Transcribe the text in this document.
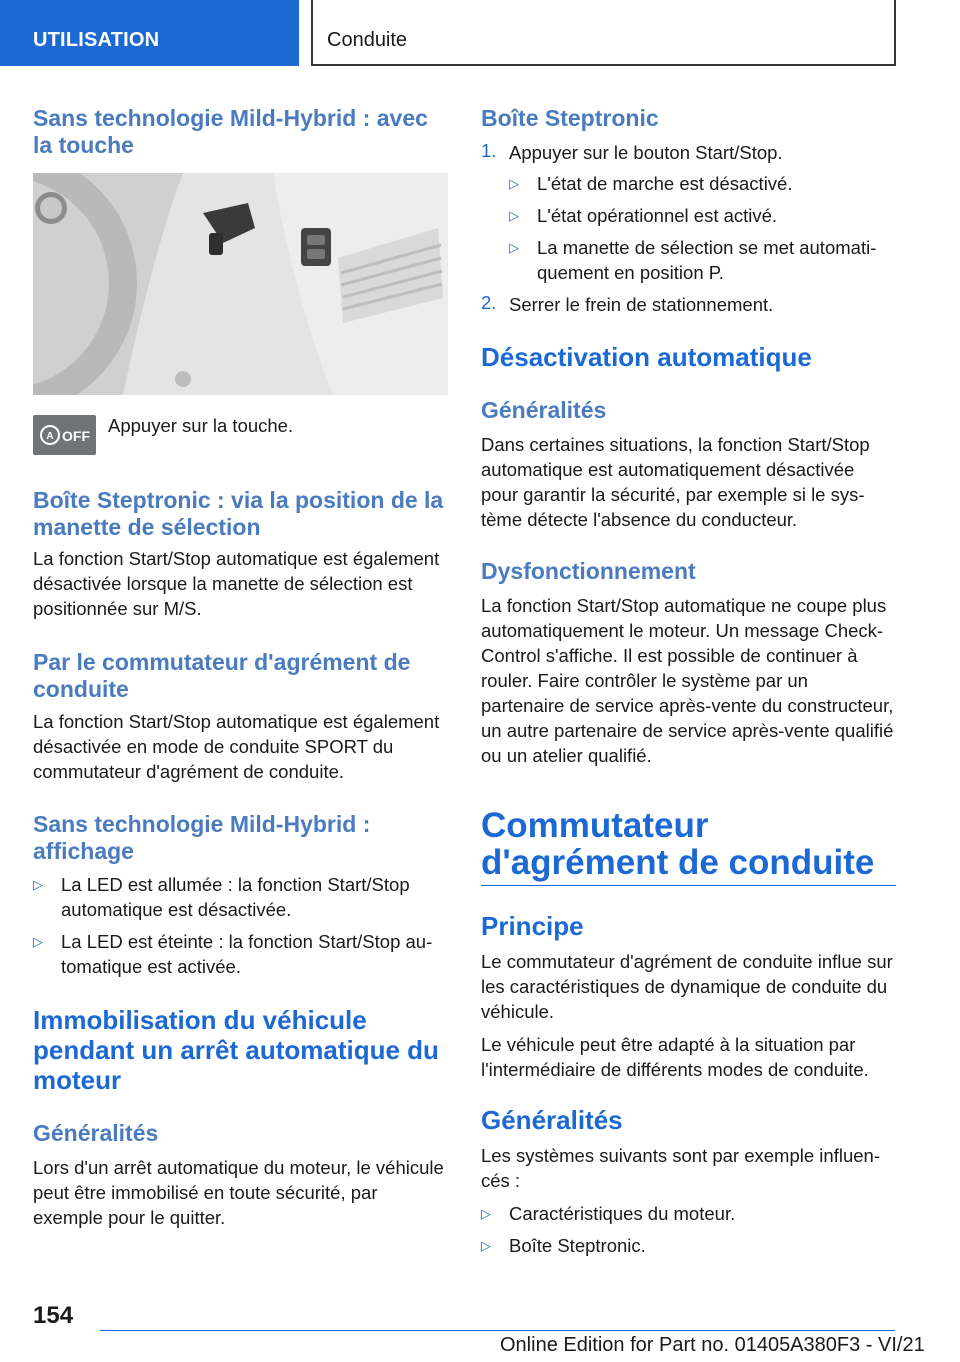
UTILISATION	Conduite
Sans technologie Mild-Hybrid : avec la touche
A OFF Appuyer sur la touche.
Boîte Steptronic : via la position de la manette de sélection
La fonction Start/Stop automatique est également désactivée lorsque la manette de sélection est positionnée sur M/S.
Par le commutateur d'agrément de conduite
La fonction Start/Stop automatique est également désactivée en mode de conduite SPORT du commutateur d'agrément de conduite.
Sans technologie Mild-Hybrid : affichage
▷ La LED est allumée : la fonction Start/Stop automatique est désactivée.
▷ La LED est éteinte : la fonction Start/Stop automatique est activée.
Immobilisation du véhicule pendant un arrêt automatique du moteur
Généralités
Lors d'un arrêt automatique du moteur, le véhicule peut être immobilisé en toute sécurité, par exemple pour le quitter.
Boîte Steptronic
1. Appuyer sur le bouton Start/Stop.
▷ L'état de marche est désactivé.
▷ L'état opérationnel est activé.
▷ La manette de sélection se met automatiquement en position P.
2. Serrer le frein de stationnement.
Désactivation automatique
Généralités
Dans certaines situations, la fonction Start/Stop automatique est automatiquement désactivée pour garantir la sécurité, par exemple si le système détecte l'absence du conducteur.
Dysfonctionnement
La fonction Start/Stop automatique ne coupe plus automatiquement le moteur. Un message Check-Control s'affiche. Il est possible de continuer à rouler. Faire contrôler le système par un partenaire de service après-vente du constructeur, un autre partenaire de service après-vente qualifié ou un atelier qualifié.
Commutateur d'agrément de conduite
Principe
Le commutateur d'agrément de conduite influe sur les caractéristiques de dynamique de conduite du véhicule.
Le véhicule peut être adapté à la situation par l'intermédiaire de différents modes de conduite.
Généralités
Les systèmes suivants sont par exemple influencés :
▷ Caractéristiques du moteur.
▷ Boîte Steptronic.
154
Online Edition for Part no. 01405A380F3 - VI/21
